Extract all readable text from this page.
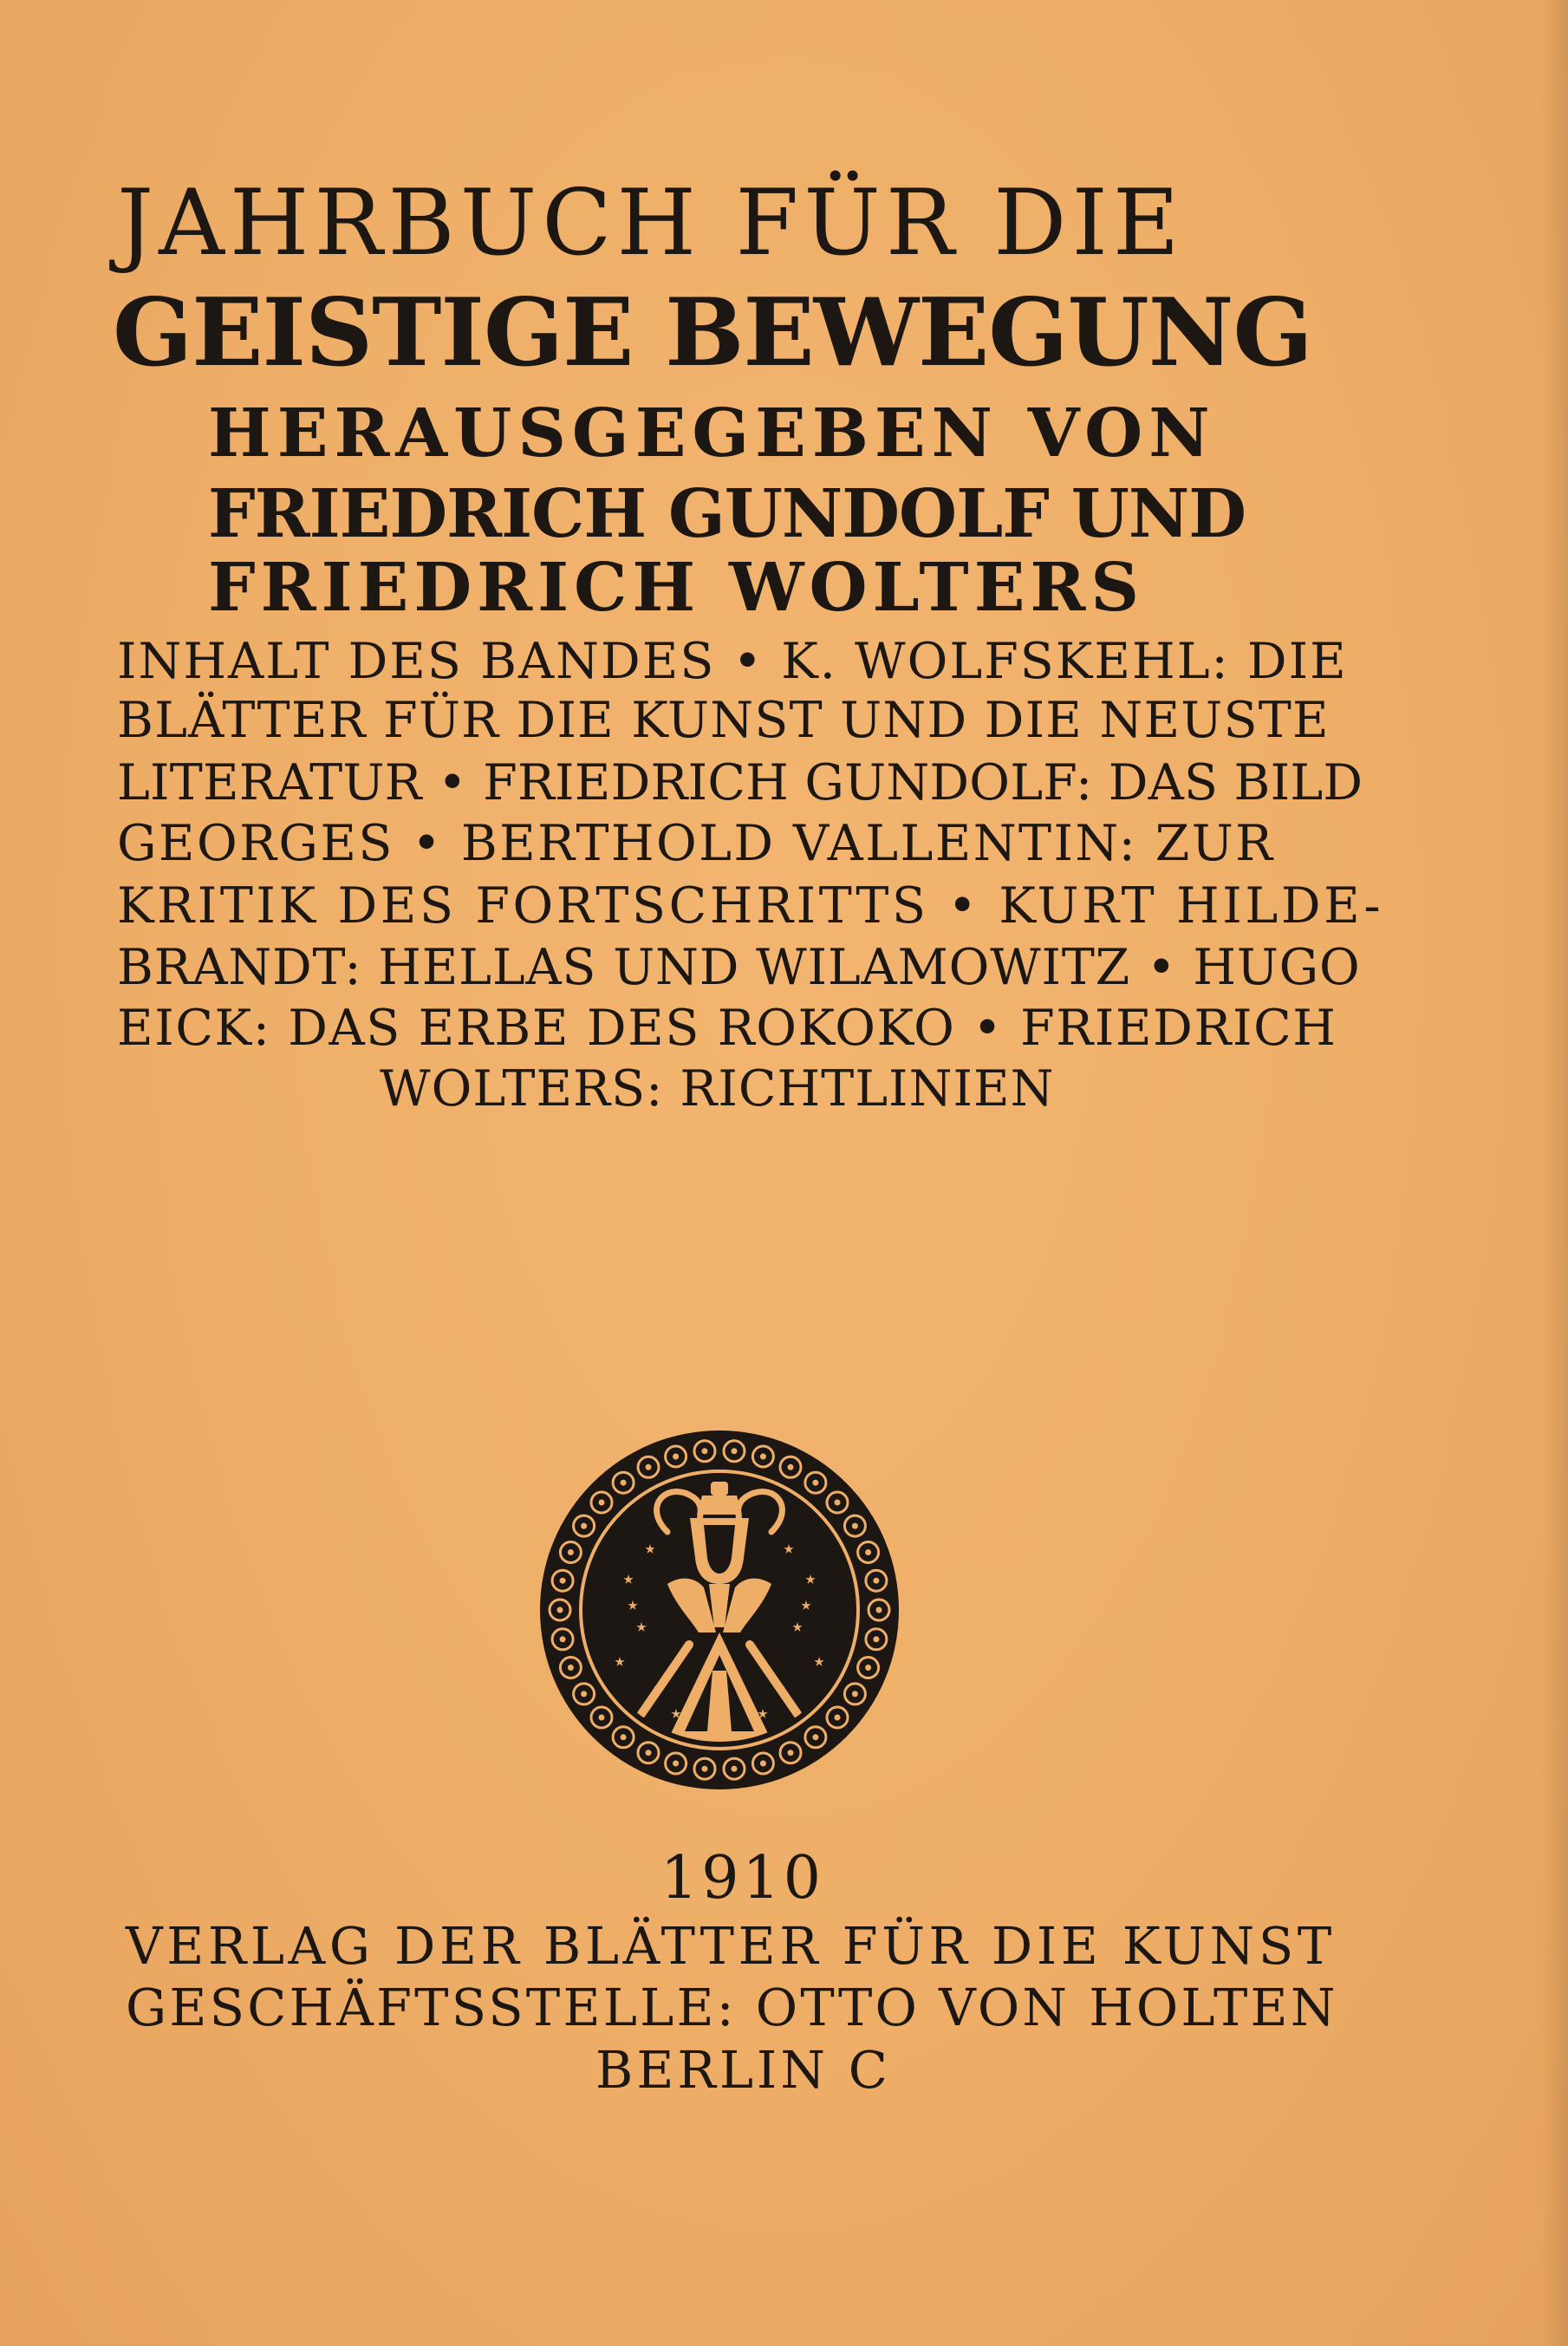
JAHRBUCH FÜR DIE
GEISTIGE BEWEGUNG
HERAUSGEGEBEN VON
FRIEDRICH GUNDOLF UND
FRIEDRICH WOLTERS
INHALT DES BANDES • K. WOLFSKEHL: DIE
BLÄTTER FÜR DIE KUNST UND DIE NEUSTE
LITERATUR • FRIEDRICH GUNDOLF: DAS BILD
GEORGES • BERTHOLD VALLENTIN: ZUR
KRITIK DES FORTSCHRITTS • KURT HILDE-
BRANDT: HELLAS UND WILAMOWITZ • HUGO
EICK: DAS ERBE DES ROKOKO • FRIEDRICH
WOLTERS: RICHTLINIEN
1910
VERLAG DER BLÄTTER FÜR DIE KUNST
GESCHÄFTSSTELLE: OTTO VON HOLTEN
BERLIN C
